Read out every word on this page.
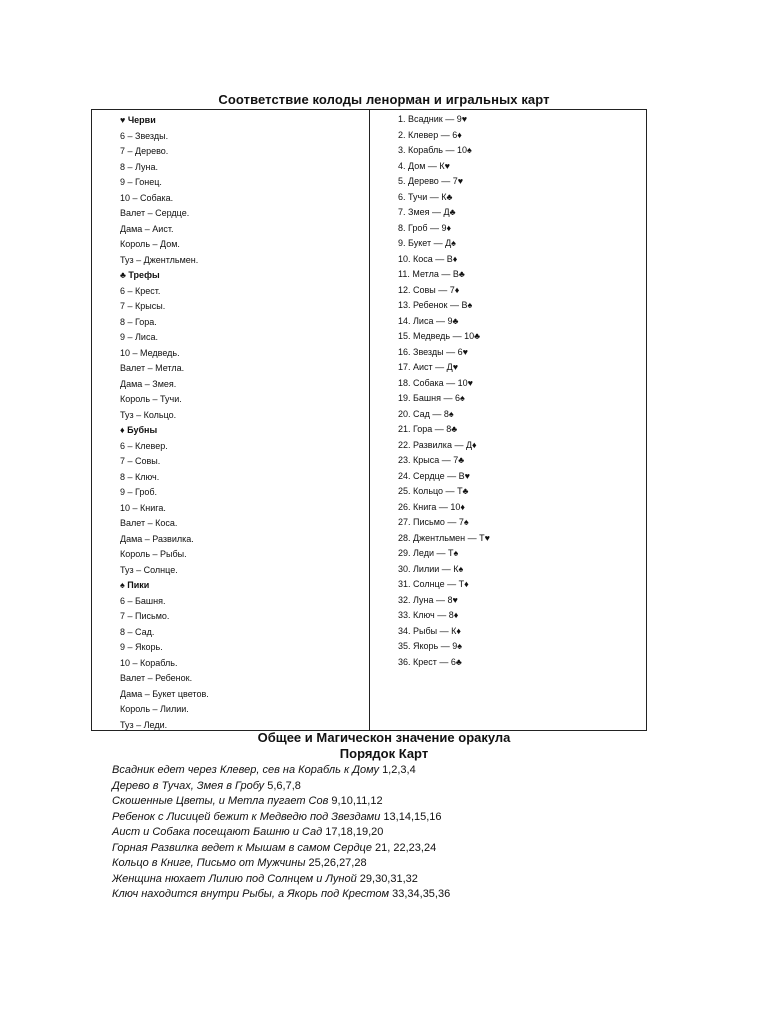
Соответствие колоды ленорман и игральных карт
♥ Черви
6 – Звезды.
7 – Дерево.
8 – Луна.
9 – Гонец.
10 – Собака.
Валет – Сердце.
Дама – Аист.
Король – Дом.
Туз – Джентльмен.
♣ Трефы
6 – Крест.
7 – Крысы.
8 – Гора.
9 – Лиса.
10 – Медведь.
Валет – Метла.
Дама – Змея.
Король – Тучи.
Туз – Кольцо.
♦ Бубны
6 – Клевер.
7 – Совы.
8 – Ключ.
9 – Гроб.
10 – Книга.
Валет – Коса.
Дама – Развилка.
Король – Рыбы.
Туз – Солнце.
♠ Пики
6 – Башня.
7 – Письмо.
8 – Сад.
9 – Якорь.
10 – Корабль.
Валет – Ребенок.
Дама – Букет цветов.
Король – Лилии.
Туз – Леди.
1. Всадник — 9♥
2. Клевер — 6♦
3. Корабль — 10♠
4. Дом — К♥
5. Дерево — 7♥
6. Тучи — К♣
7. Змея — Д♣
8. Гроб — 9♦
9. Букет — Д♠
10. Коса — В♦
11. Метла — В♣
12. Совы — 7♦
13. Ребенок — В♠
14. Лиса — 9♣
15. Медведь — 10♣
16. Звезды — 6♥
17. Аист — Д♥
18. Собака — 10♥
19. Башня — 6♠
20. Сад — 8♠
21. Гора — 8♣
22. Развилка — Д♦
23. Крыса — 7♣
24. Сердце — В♥
25. Кольцо — Т♣
26. Книга — 10♦
27. Письмо — 7♠
28. Джентльмен — Т♥
29. Леди — Т♠
30. Лилии — К♠
31. Солнце — Т♦
32. Луна — 8♥
33. Ключ — 8♦
34. Рыбы — К♦
35. Якорь — 9♠
36. Крест — 6♣
Общее и Магическон значение оракула
Порядок Карт
Всадник едет через Клевер, сев на Корабль к Дому 1,2,3,4
Дерево в Тучах, Змея в Гробу 5,6,7,8
Скошенные Цветы, и Метла пугает Сов 9,10,11,12
Ребенок с Лисицей бежит к Медведю под Звездами 13,14,15,16
Аист и Собака посещают Башню и Сад 17,18,19,20
Горная Развилка ведет к Мышам в самом Сердце 21, 22,23,24
Кольцо в Книге, Письмо от Мужчины 25,26,27,28
Женщина нюхает Лилию под Солнцем и Луной 29,30,31,32
Ключ находится внутри Рыбы, а Якорь под Крестом 33,34,35,36
